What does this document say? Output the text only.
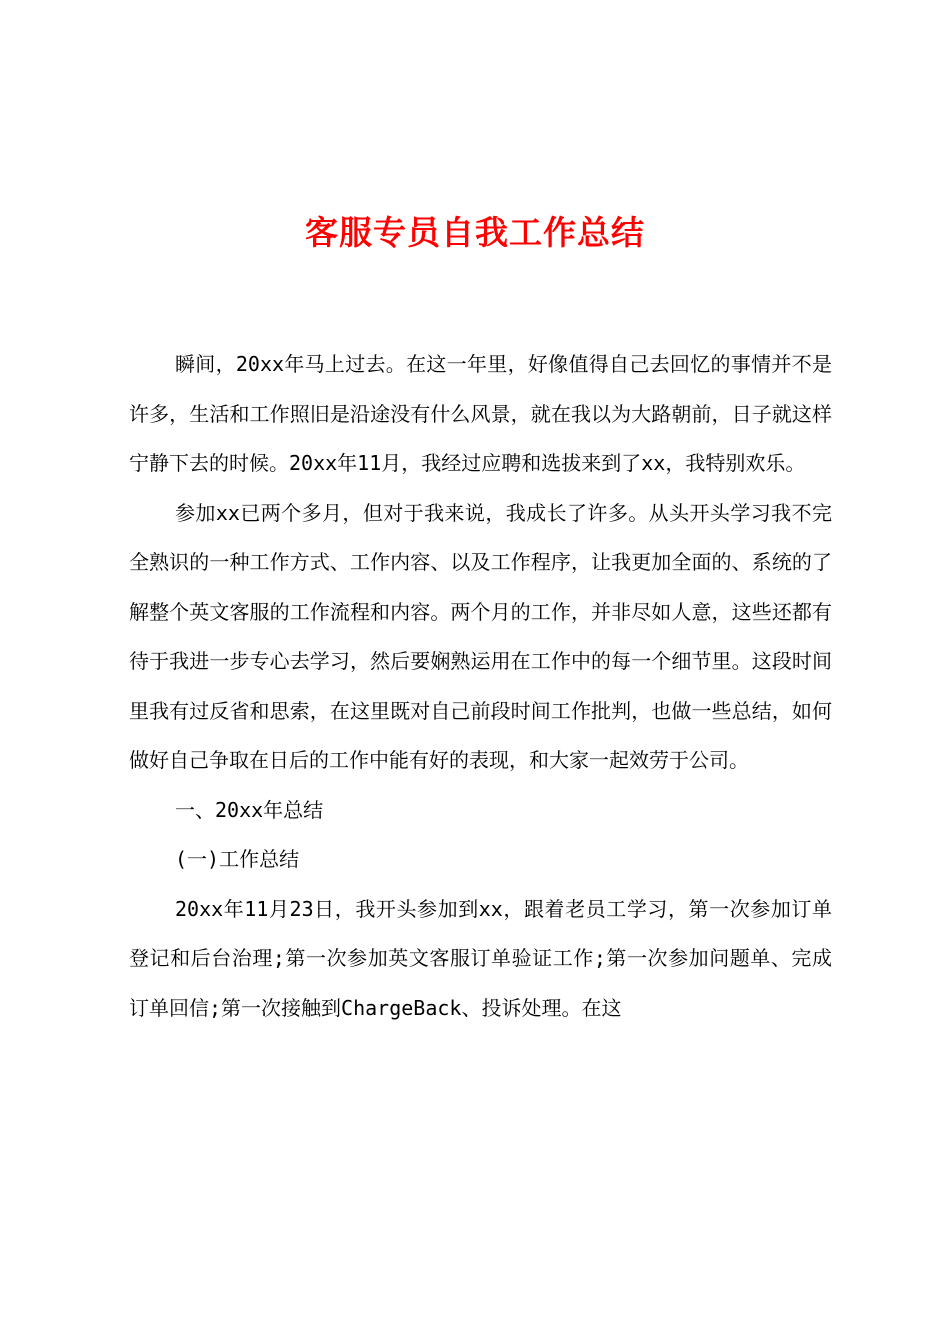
客服专员自我工作总结

瞬间，20xx年马上过去。在这一年里，好像值得自己去回忆的事情并不是许多，生活和工作照旧是沿途没有什么风景，就在我以为大路朝前，日子就这样宁静下去的时候。20xx年11月，我经过应聘和选拔来到了xx，我特别欢乐。

参加xx已两个多月，但对于我来说，我成长了许多。从头开头学习我不完全熟识的一种工作方式、工作内容、以及工作程序，让我更加全面的、系统的了解整个英文客服的工作流程和内容。两个月的工作，并非尽如人意，这些还都有待于我进一步专心去学习，然后要娴熟运用在工作中的每一个细节里。这段时间里我有过反省和思索，在这里既对自己前段时间工作批判，也做一些总结，如何做好自己争取在日后的工作中能有好的表现，和大家一起效劳于公司。

一、20xx年总结

(一)工作总结

20xx年11月23日，我开头参加到xx，跟着老员工学习，第一次参加订单登记和后台治理;第一次参加英文客服订单验证工作;第一次参加问题单、完成订单回信;第一次接触到ChargeBack、投诉处理。在这
